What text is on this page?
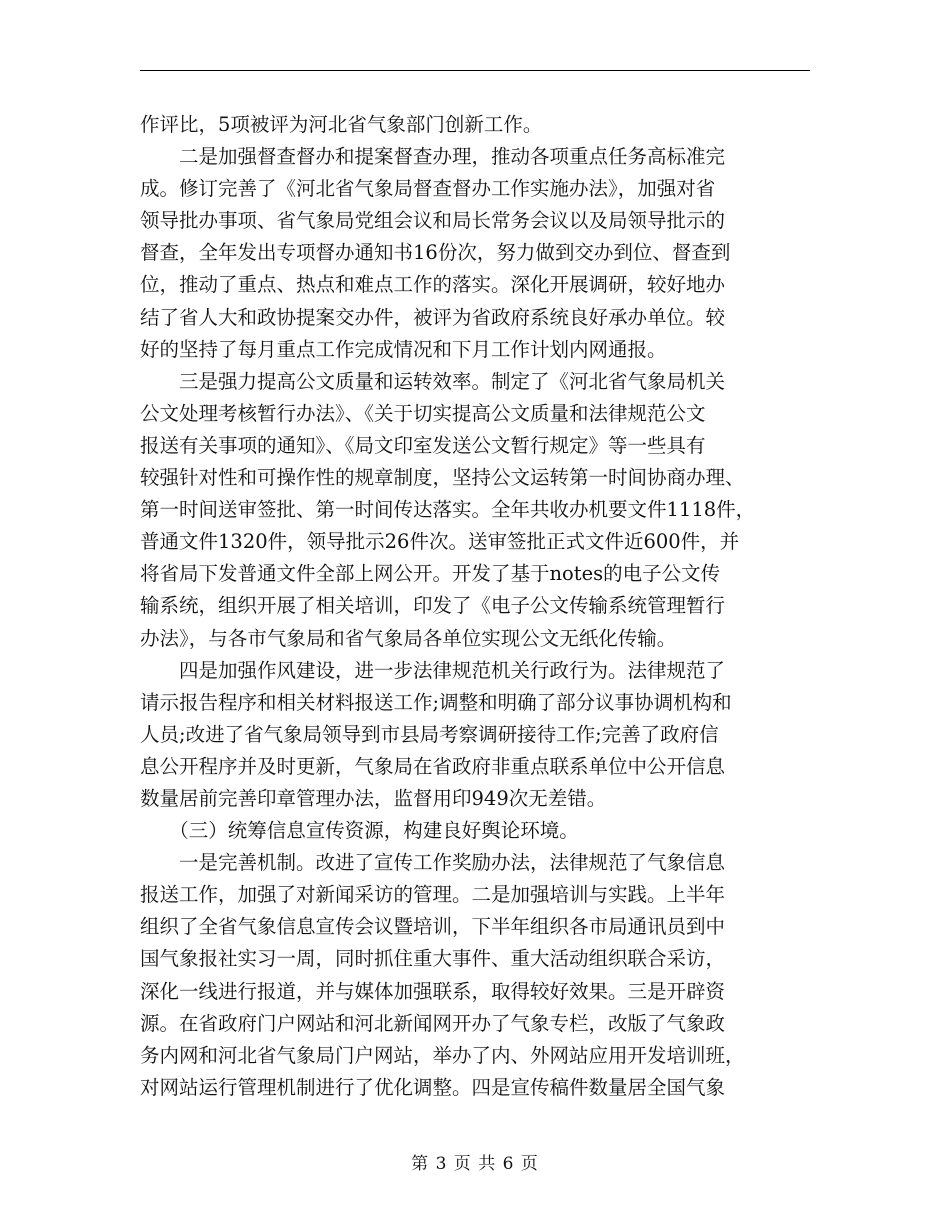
作评比，5项被评为河北省气象部门创新工作。
　　二是加强督查督办和提案督查办理，推动各项重点任务高标准完
成。修订完善了《河北省气象局督查督办工作实施办法》，加强对省
领导批办事项、省气象局党组会议和局长常务会议以及局领导批示的
督查，全年发出专项督办通知书16份次，努力做到交办到位、督查到
位，推动了重点、热点和难点工作的落实。深化开展调研，较好地办
结了省人大和政协提案交办件，被评为省政府系统良好承办单位。较
好的坚持了每月重点工作完成情况和下月工作计划内网通报。
　　三是强力提高公文质量和运转效率。制定了《河北省气象局机关
公文处理考核暂行办法》、《关于切实提高公文质量和法律规范公文
报送有关事项的通知》、《局文印室发送公文暂行规定》等一些具有
较强针对性和可操作性的规章制度，坚持公文运转第一时间协商办理、
第一时间送审签批、第一时间传达落实。全年共收办机要文件1118件，
普通文件1320件，领导批示26件次。送审签批正式文件近600件，并
将省局下发普通文件全部上网公开。开发了基于notes的电子公文传
输系统，组织开展了相关培训，印发了《电子公文传输系统管理暂行
办法》，与各市气象局和省气象局各单位实现公文无纸化传输。
　　四是加强作风建设，进一步法律规范机关行政行为。法律规范了
请示报告程序和相关材料报送工作;调整和明确了部分议事协调机构和
人员;改进了省气象局领导到市县局考察调研接待工作;完善了政府信
息公开程序并及时更新，气象局在省政府非重点联系单位中公开信息
数量居前完善印章管理办法，监督用印949次无差错。
　　（三）统筹信息宣传资源，构建良好舆论环境。
　　一是完善机制。改进了宣传工作奖励办法，法律规范了气象信息
报送工作，加强了对新闻采访的管理。二是加强培训与实践。上半年
组织了全省气象信息宣传会议暨培训，下半年组织各市局通讯员到中
国气象报社实习一周，同时抓住重大事件、重大活动组织联合采访，
深化一线进行报道，并与媒体加强联系，取得较好效果。三是开辟资
源。在省政府门户网站和河北新闻网开办了气象专栏，改版了气象政
务内网和河北省气象局门户网站，举办了内、外网站应用开发培训班，
对网站运行管理机制进行了优化调整。四是宣传稿件数量居全国气象
第 3 页 共 6 页
